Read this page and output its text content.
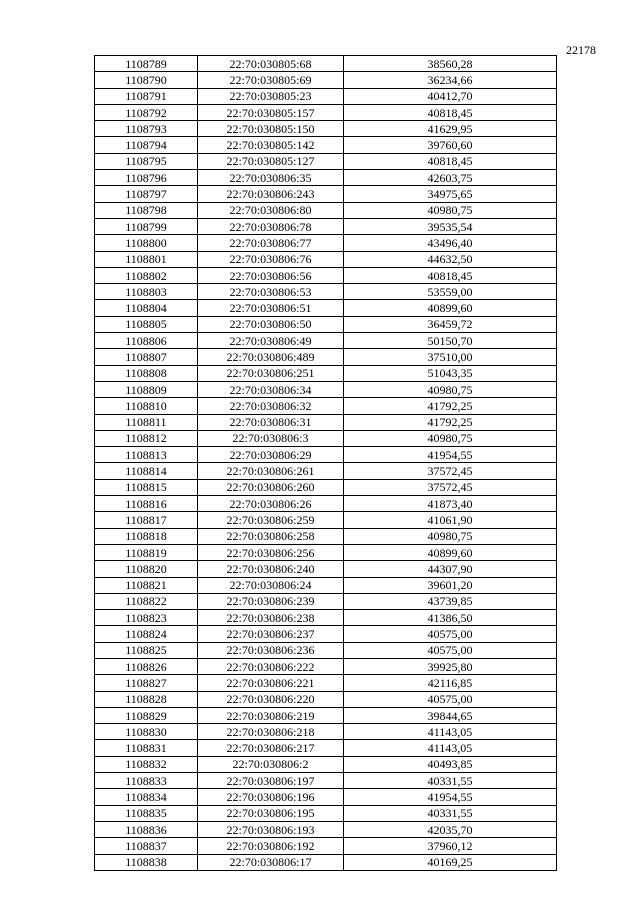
22178
1108789	22:70:030805:68	38560,28
1108790	22:70:030805:69	36234,66
1108791	22:70:030805:23	40412,70
1108792	22:70:030805:157	40818,45
1108793	22:70:030805:150	41629,95
1108794	22:70:030805:142	39760,60
1108795	22:70:030805:127	40818,45
1108796	22:70:030806:35	42603,75
1108797	22:70:030806:243	34975,65
1108798	22:70:030806:80	40980,75
1108799	22:70:030806:78	39535,54
1108800	22:70:030806:77	43496,40
1108801	22:70:030806:76	44632,50
1108802	22:70:030806:56	40818,45
1108803	22:70:030806:53	53559,00
1108804	22:70:030806:51	40899,60
1108805	22:70:030806:50	36459,72
1108806	22:70:030806:49	50150,70
1108807	22:70:030806:489	37510,00
1108808	22:70:030806:251	51043,35
1108809	22:70:030806:34	40980,75
1108810	22:70:030806:32	41792,25
1108811	22:70:030806:31	41792,25
1108812	22:70:030806:3	40980,75
1108813	22:70:030806:29	41954,55
1108814	22:70:030806:261	37572,45
1108815	22:70:030806:260	37572,45
1108816	22:70:030806:26	41873,40
1108817	22:70:030806:259	41061,90
1108818	22:70:030806:258	40980,75
1108819	22:70:030806:256	40899,60
1108820	22:70:030806:240	44307,90
1108821	22:70:030806:24	39601,20
1108822	22:70:030806:239	43739,85
1108823	22:70:030806:238	41386,50
1108824	22:70:030806:237	40575,00
1108825	22:70:030806:236	40575,00
1108826	22:70:030806:222	39925,80
1108827	22:70:030806:221	42116,85
1108828	22:70:030806:220	40575,00
1108829	22:70:030806:219	39844,65
1108830	22:70:030806:218	41143,05
1108831	22:70:030806:217	41143,05
1108832	22:70:030806:2	40493,85
1108833	22:70:030806:197	40331,55
1108834	22:70:030806:196	41954,55
1108835	22:70:030806:195	40331,55
1108836	22:70:030806:193	42035,70
1108837	22:70:030806:192	37960,12
1108838	22:70:030806:17	40169,25
